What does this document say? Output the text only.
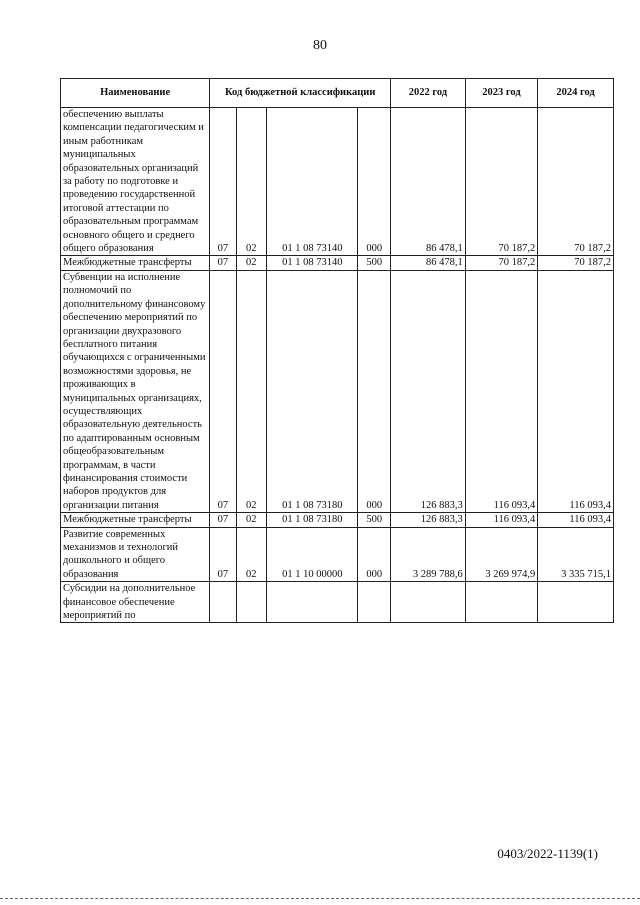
80
Наименование	Код бюджетной классификации				2022 год	2023 год	2024 год
обеспечению выплаты компенсации педагогическим и иным работникам муниципальных образовательных организаций за работу по подготовке и проведению государственной итоговой аттестации по образовательным программам основного общего и среднего общего образования	07	02	01 1 08 73140	000	86 478,1	70 187,2	70 187,2
Межбюджетные трансферты	07	02	01 1 08 73140	500	86 478,1	70 187,2	70 187,2
Субвенции на исполнение полномочий по дополнительному финансовому обеспечению мероприятий по организации двухразового бесплатного питания обучающихся с ограниченными возможностями здоровья, не проживающих в муниципальных организациях, осуществляющих образовательную деятельность по адаптированным основным общеобразовательным программам, в части финансирования стоимости наборов продуктов для организации питания	07	02	01 1 08 73180	000	126 883,3	116 093,4	116 093,4
Межбюджетные трансферты	07	02	01 1 08 73180	500	126 883,3	116 093,4	116 093,4
Развитие современных механизмов и технологий дошкольного и общего образования	07	02	01 1 10 00000	000	3 289 788,6	3 269 974,9	3 335 715,1
Субсидии на дополнительное финансовое обеспечение мероприятий по							
0403/2022-1139(1)
